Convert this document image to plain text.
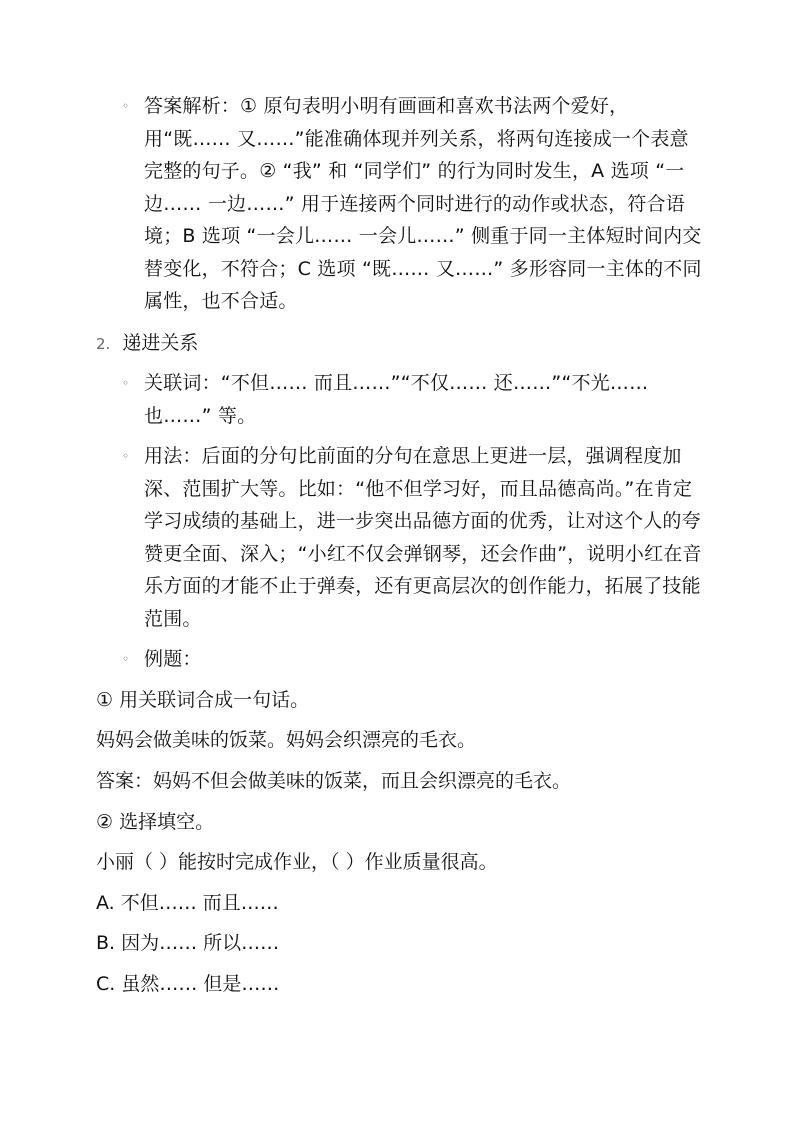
◦ 答案解析：① 原句表明小明有画画和喜欢书法两个爱好，用“既…… 又……”能准确体现并列关系，将两句连接成一个表意完整的句子。② “我” 和 “同学们” 的行为同时发生，A 选项 “一边…… 一边……” 用于连接两个同时进行的动作或状态，符合语境；B 选项 “一会儿…… 一会儿……” 侧重于同一主体短时间内交替变化，不符合；C 选项 “既…… 又……” 多形容同一主体的不同属性，也不合适。
2. 递进关系
◦ 关联词：“不但…… 而且……”“不仅…… 还……”“不光…… 也……” 等。
◦ 用法：后面的分句比前面的分句在意思上更进一层，强调程度加深、范围扩大等。比如：“他不但学习好，而且品德高尚。”在肯定学习成绩的基础上，进一步突出品德方面的优秀，让对这个人的夸赞更全面、深入；“小红不仅会弹钢琴，还会作曲”，说明小红在音乐方面的才能不止于弹奏，还有更高层次的创作能力，拓展了技能范围。
◦ 例题：
① 用关联词合成一句话。
妈妈会做美味的饭菜。妈妈会织漂亮的毛衣。
答案：妈妈不但会做美味的饭菜，而且会织漂亮的毛衣。
② 选择填空。
小丽（ ）能按时完成作业，（ ）作业质量很高。
A. 不但…… 而且……
B. 因为…… 所以……
C. 虽然…… 但是……
